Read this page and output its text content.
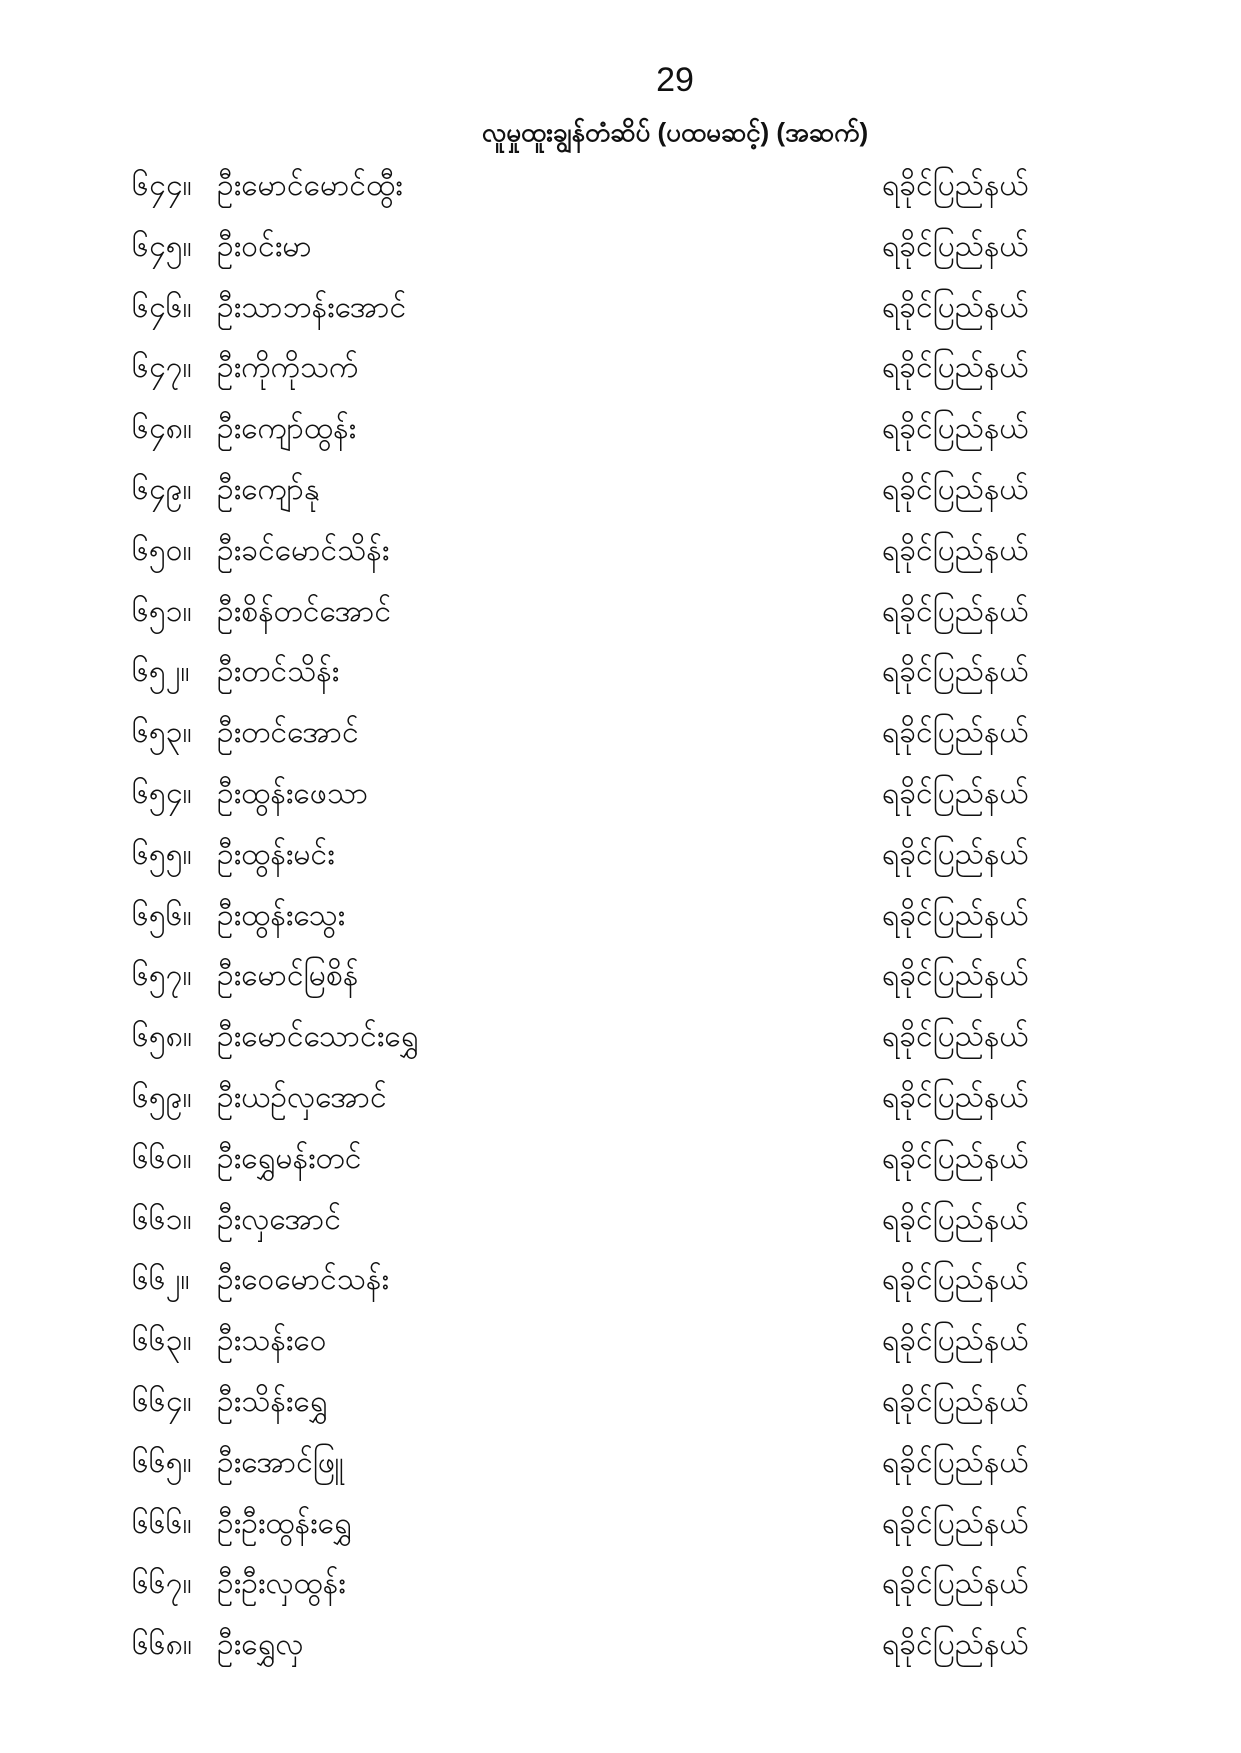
29
လူမှုထူးချွန်တံဆိပ် (ပထမဆင့်) (အဆက်)
၆၄၄။ ဦးမောင်မောင်ထွီး	ရခိုင်ပြည်နယ်
၆၄၅။ ဦးဝင်းမာ	ရခိုင်ပြည်နယ်
၆၄၆။ ဦးသာဘန်းအောင်	ရခိုင်ပြည်နယ်
၆၄၇။ ဦးကိုကိုသက်	ရခိုင်ပြည်နယ်
၆၄၈။ ဦးကျော်ထွန်း	ရခိုင်ပြည်နယ်
၆၄၉။ ဦးကျော်နု	ရခိုင်ပြည်နယ်
၆၅၀။ ဦးခင်မောင်သိန်း	ရခိုင်ပြည်နယ်
၆၅၁။ ဦးစိန်တင်အောင်	ရခိုင်ပြည်နယ်
၆၅၂။ ဦးတင်သိန်း	ရခိုင်ပြည်နယ်
၆၅၃။ ဦးတင်အောင်	ရခိုင်ပြည်နယ်
၆၅၄။ ဦးထွန်းဖေသာ	ရခိုင်ပြည်နယ်
၆၅၅။ ဦးထွန်းမင်း	ရခိုင်ပြည်နယ်
၆၅၆။ ဦးထွန်းသွေး	ရခိုင်ပြည်နယ်
၆၅၇။ ဦးမောင်မြစိန်	ရခိုင်ပြည်နယ်
၆၅၈။ ဦးမောင်သောင်းရွှေ	ရခိုင်ပြည်နယ်
၆၅၉။ ဦးယဉ်လှအောင်	ရခိုင်ပြည်နယ်
၆၆၀။ ဦးရွှေမန်းတင်	ရခိုင်ပြည်နယ်
၆၆၁။ ဦးလှအောင်	ရခိုင်ပြည်နယ်
၆၆၂။ ဦးဝေမောင်သန်း	ရခိုင်ပြည်နယ်
၆၆၃။ ဦးသန်းဝေ	ရခိုင်ပြည်နယ်
၆၆၄။ ဦးသိန်းရွှေ	ရခိုင်ပြည်နယ်
၆၆၅။ ဦးအောင်ဖြူ	ရခိုင်ပြည်နယ်
၆၆၆။ ဦးဦးထွန်းရွှေ	ရခိုင်ပြည်နယ်
၆၆၇။ ဦးဦးလှထွန်း	ရခိုင်ပြည်နယ်
၆၆၈။ ဦးရွှေလှ	ရခိုင်ပြည်နယ်
